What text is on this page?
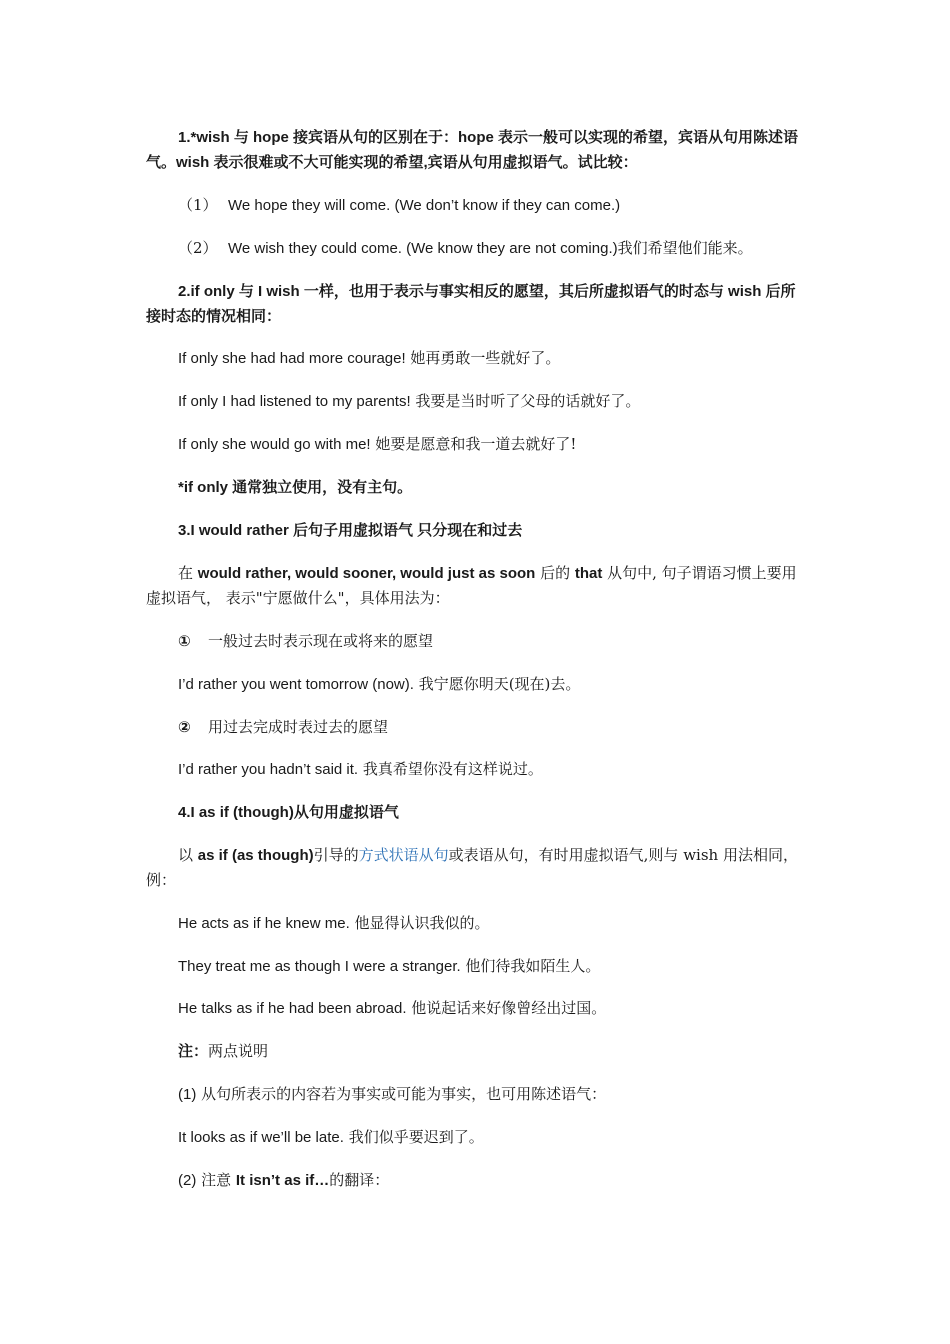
1.*wish 与 hope 接宾语从句的区别在于：hope 表示一般可以实现的希望，宾语从句用陈述语气。wish 表示很难或不大可能实现的希望,宾语从句用虚拟语气。试比较：

（1） We hope they will come. (We don’t know if they can come.)

（2） We wish they could come. (We know they are not coming.)我们希望他们能来。

2.if only 与 I wish 一样，也用于表示与事实相反的愿望，其后所虚拟语气的时态与 wish 后所接时态的情况相同：

If only she had had more courage! 她再勇敢一些就好了。

If only I had listened to my parents! 我要是当时听了父母的话就好了。

If only she would go with me! 她要是愿意和我一道去就好了!

*if only 通常独立使用，没有主句。

3.I would rather 后句子用虚拟语气 只分现在和过去

在 would rather, would sooner, would just as soon 后的 that 从句中, 句子谓语习惯上要用虚拟语气， 表示"宁愿做什么"，具体用法为：

① 一般过去时表示现在或将来的愿望

I’d rather you went tomorrow (now). 我宁愿你明天(现在)去。

② 用过去完成时表过去的愿望

I’d rather you hadn’t said it. 我真希望你没有这样说过。

4.I as if (though)从句用虚拟语气

以 as if (as though)引导的方式状语从句或表语从句，有时用虚拟语气,则与 wish 用法相同，例：

He acts as if he knew me. 他显得认识我似的。

They treat me as though I were a stranger. 他们待我如陌生人。

He talks as if he had been abroad. 他说起话来好像曾经出过国。

注：两点说明

(1) 从句所表示的内容若为事实或可能为事实，也可用陈述语气：

It looks as if we’ll be late. 我们似乎要迟到了。

(2) 注意 It isn’t as if…的翻译：
